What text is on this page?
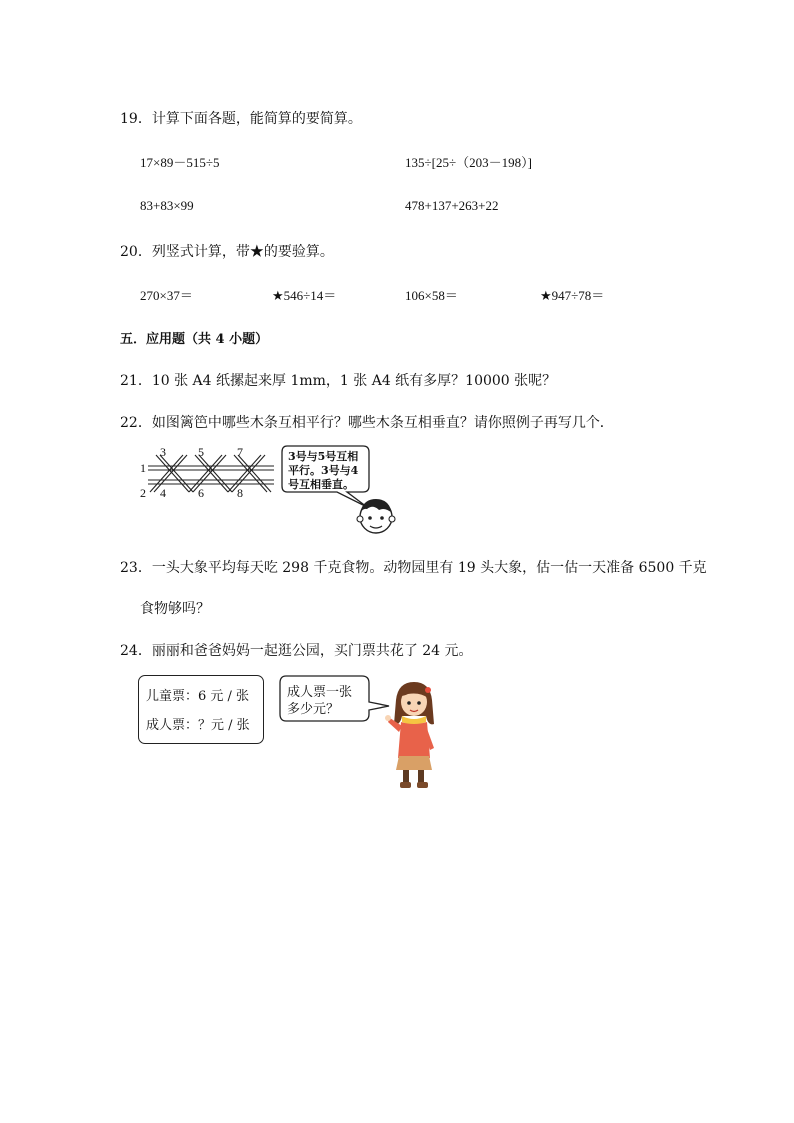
19．计算下面各题，能简算的要简算。
17×89－515÷5	135÷[25÷（203－198）]
83+83×99	478+137+263+22
20．列竖式计算，带★的要验算。
270×37＝	★546÷14＝	106×58＝	★947÷78＝
五．应用题（共 4 小题）
21．10 张 A4 纸摞起来厚 1mm，1 张 A4 纸有多厚？10000 张呢？
22．如图篱笆中哪些木条互相平行？哪些木条互相垂直？请你照例子再写几个．
1
2
3
4
5
6
7
8
3号与5号互相平行。3号与4号互相垂直。
23．一头大象平均每天吃 298 千克食物。动物园里有 19 头大象，估一估一天准备 6500 千克
食物够吗？
24．丽丽和爸爸妈妈一起逛公园，买门票共花了 24 元。
儿童票：6 元 / 张
成人票：？元 / 张
成人票一张
多少元？
